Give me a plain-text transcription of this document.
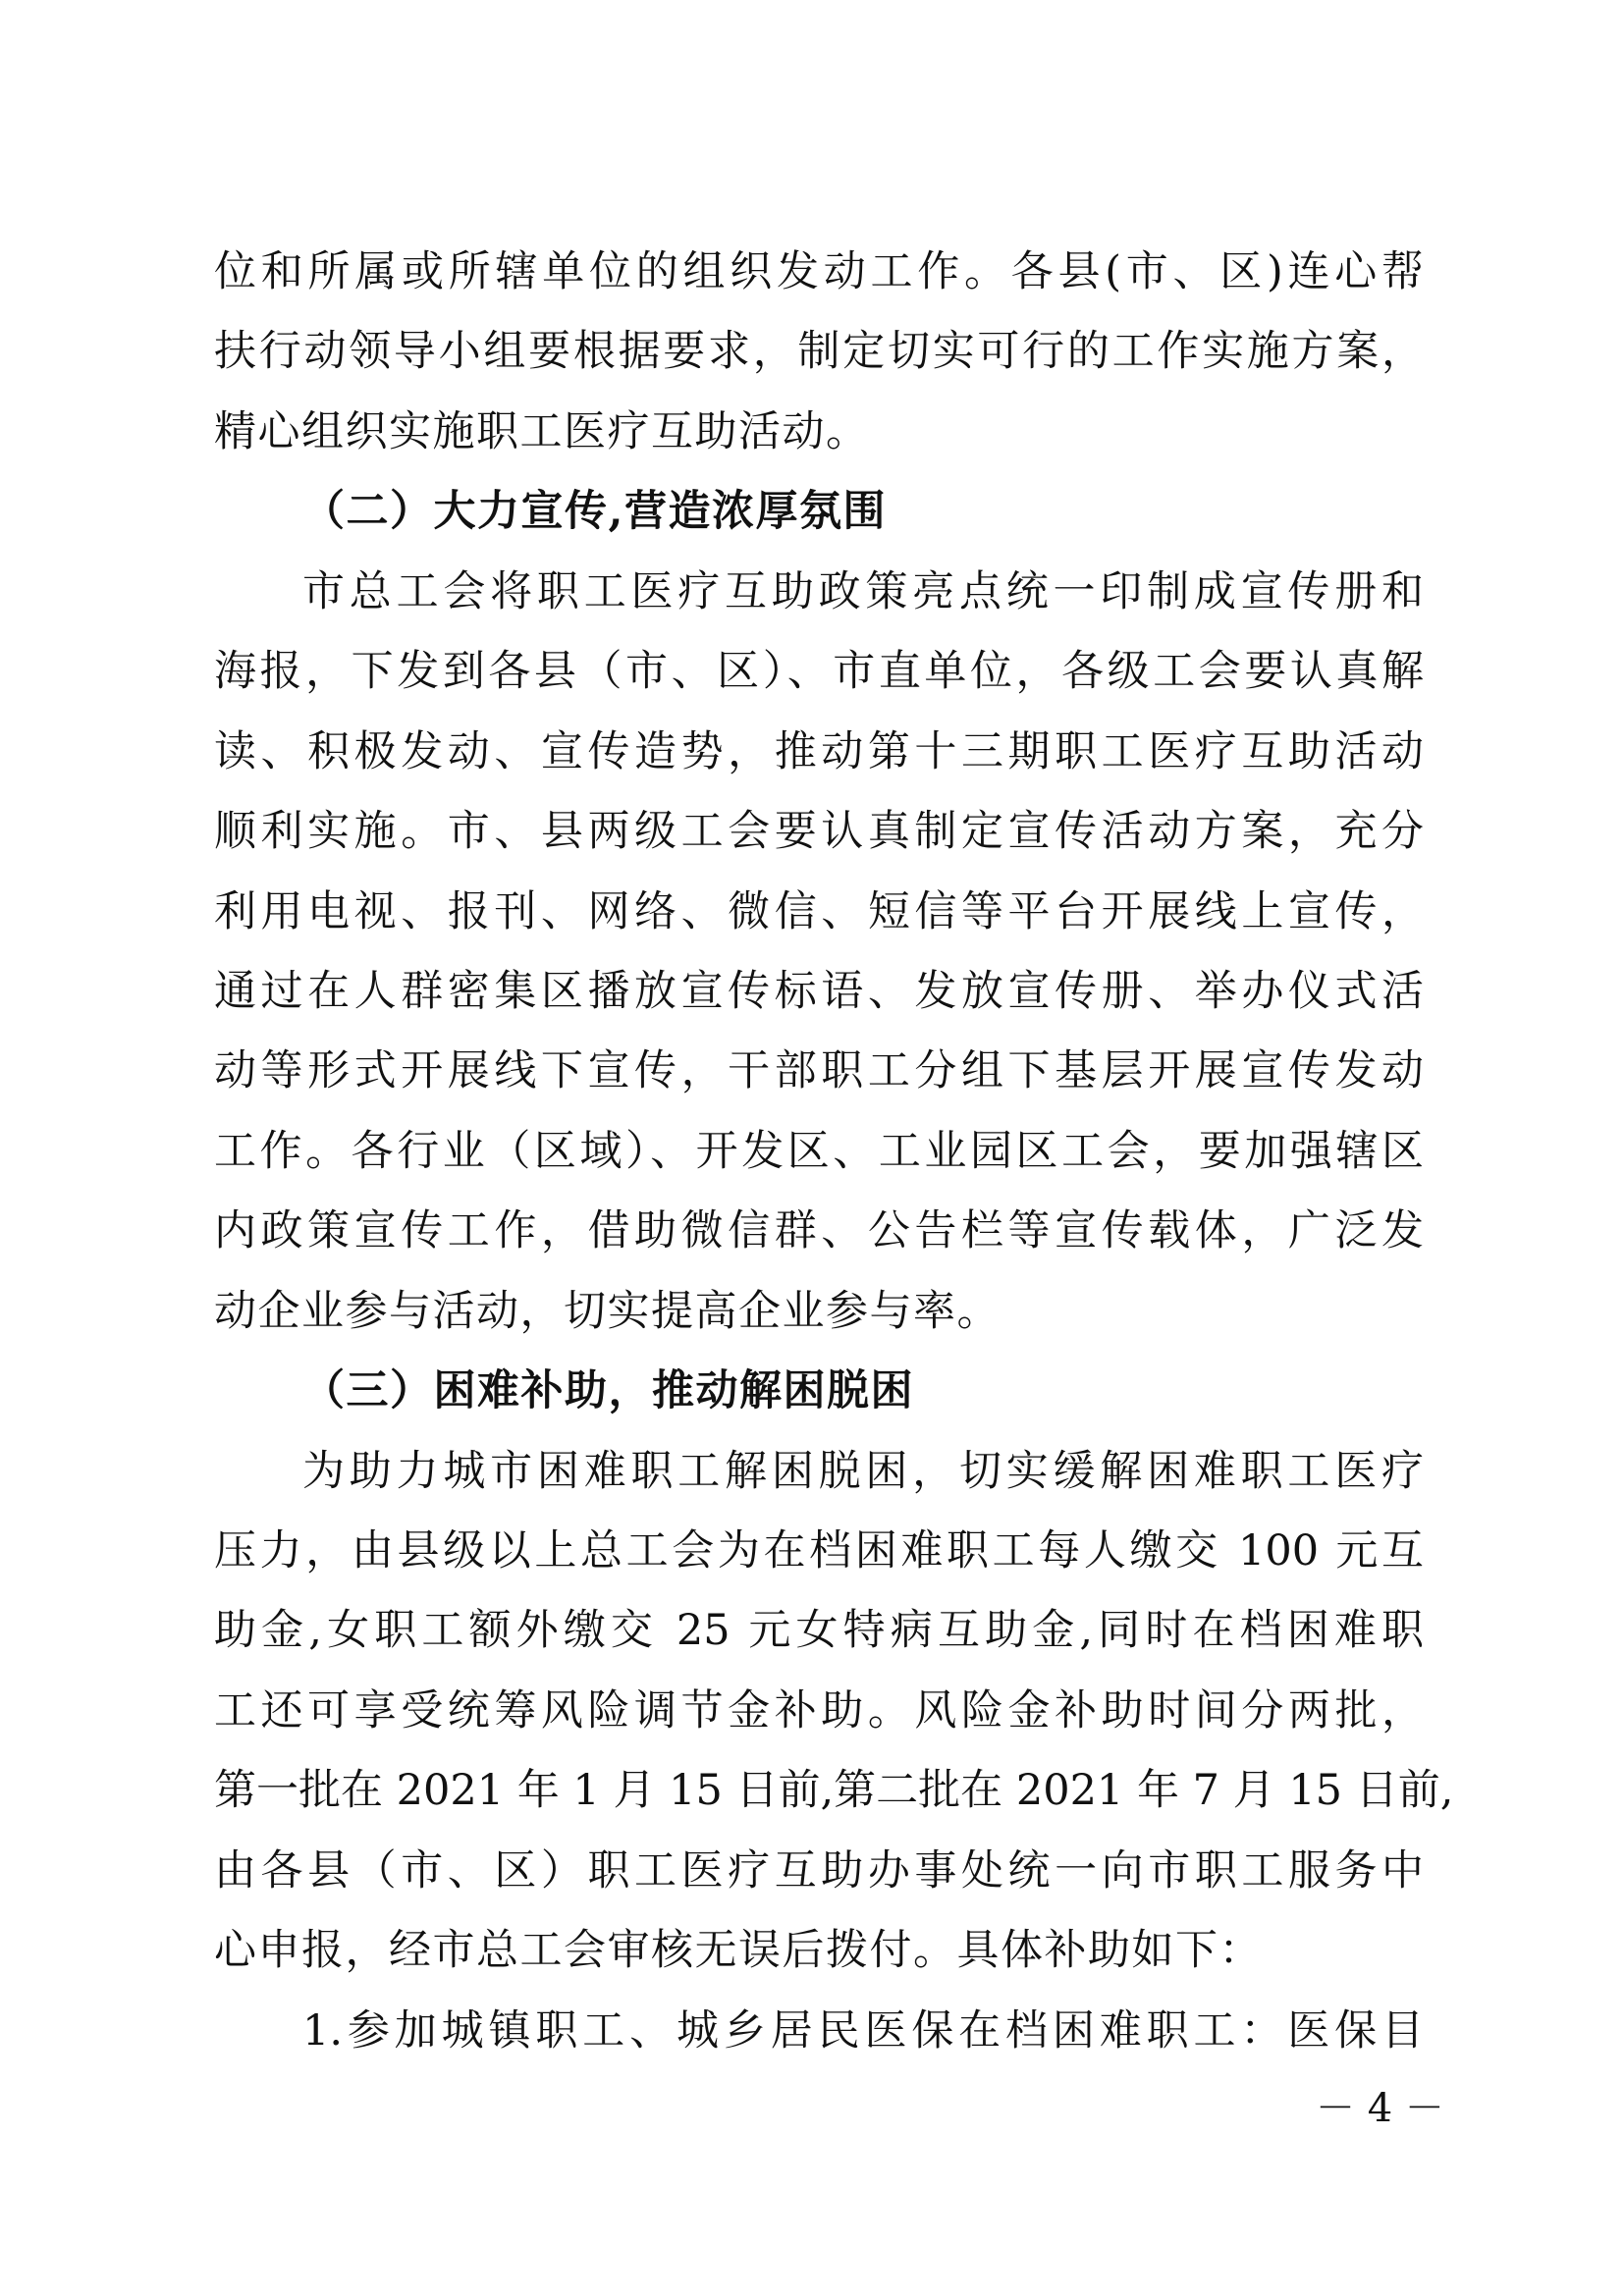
位和所属或所辖单位的组织发动工作。各县(市、区)连心帮
扶行动领导小组要根据要求，制定切实可行的工作实施方案，
精心组织实施职工医疗互助活动。
（二）大力宣传,营造浓厚氛围
市总工会将职工医疗互助政策亮点统一印制成宣传册和
海报，下发到各县（市、区）、市直单位，各级工会要认真解
读、积极发动、宣传造势，推动第十三期职工医疗互助活动
顺利实施。市、县两级工会要认真制定宣传活动方案，充分
利用电视、报刊、网络、微信、短信等平台开展线上宣传，
通过在人群密集区播放宣传标语、发放宣传册、举办仪式活
动等形式开展线下宣传，干部职工分组下基层开展宣传发动
工作。各行业（区域）、开发区、工业园区工会，要加强辖区
内政策宣传工作，借助微信群、公告栏等宣传载体，广泛发
动企业参与活动，切实提高企业参与率。
（三）困难补助，推动解困脱困
为助力城市困难职工解困脱困，切实缓解困难职工医疗
压力，由县级以上总工会为在档困难职工每人缴交 100 元互
助金,女职工额外缴交 25 元女特病互助金,同时在档困难职
工还可享受统筹风险调节金补助。风险金补助时间分两批，
第一批在 2021 年 1 月 15 日前,第二批在 2021 年 7 月 15 日前,
由各县（市、区）职工医疗互助办事处统一向市职工服务中
心申报，经市总工会审核无误后拨付。具体补助如下：
1.参加城镇职工、城乡居民医保在档困难职工：医保目
－ 4 －
